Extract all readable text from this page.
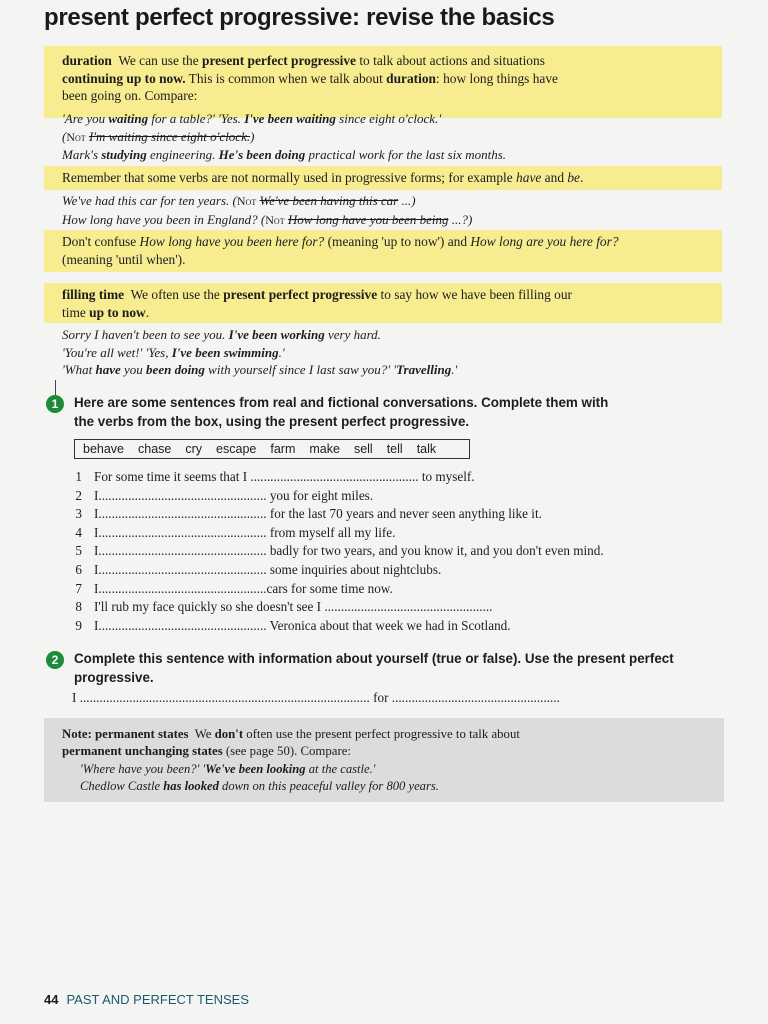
present perfect progressive: revise the basics
duration We can use the present perfect progressive to talk about actions and situations
continuing up to now. This is common when we talk about duration: how long things have
been going on. Compare:
'Are you waiting for a table?' 'Yes. I've been waiting since eight o'clock.'
(Not I'm waiting since eight o'clock.)
Mark's studying engineering. He's been doing practical work for the last six months.
Remember that some verbs are not normally used in progressive forms; for example have and be.
We've had this car for ten years. (Not We've been having this car ...)
How long have you been in England? (Not How long have you been being ...?)
Don't confuse How long have you been here for? (meaning 'up to now') and How long are you here for?
(meaning 'until when').
filling time We often use the present perfect progressive to say how we have been filling our
time up to now.
Sorry I haven't been to see you. I've been working very hard.
'You're all wet!' 'Yes, I've been swimming.'
'What have you been doing with yourself since I last saw you?' 'Travelling.'
1	Here are some sentences from real and fictional conversations. Complete them with
the verbs from the box, using the present perfect progressive.
behave chase cry escape farm make sell tell talk
1 For some time it seems that I ................................................... to myself.
2 I................................................... you for eight miles.
3 I................................................... for the last 70 years and never seen anything like it.
4 I................................................... from myself all my life.
5 I................................................... badly for two years, and you know it, and you don't even mind.
6 I................................................... some inquiries about nightclubs.
7 I...................................................cars for some time now.
8 I'll rub my face quickly so she doesn't see I ...................................................
9 I................................................... Veronica about that week we had in Scotland.
2	Complete this sentence with information about yourself (true or false). Use the present perfect
progressive.
I ........................................................................................ for ...................................................
Note: permanent states We don't often use the present perfect progressive to talk about
permanent unchanging states (see page 50). Compare:
'Where have you been?' 'We've been looking at the castle.'
Chedlow Castle has looked down on this peaceful valley for 800 years.
44 PAST AND PERFECT TENSES
